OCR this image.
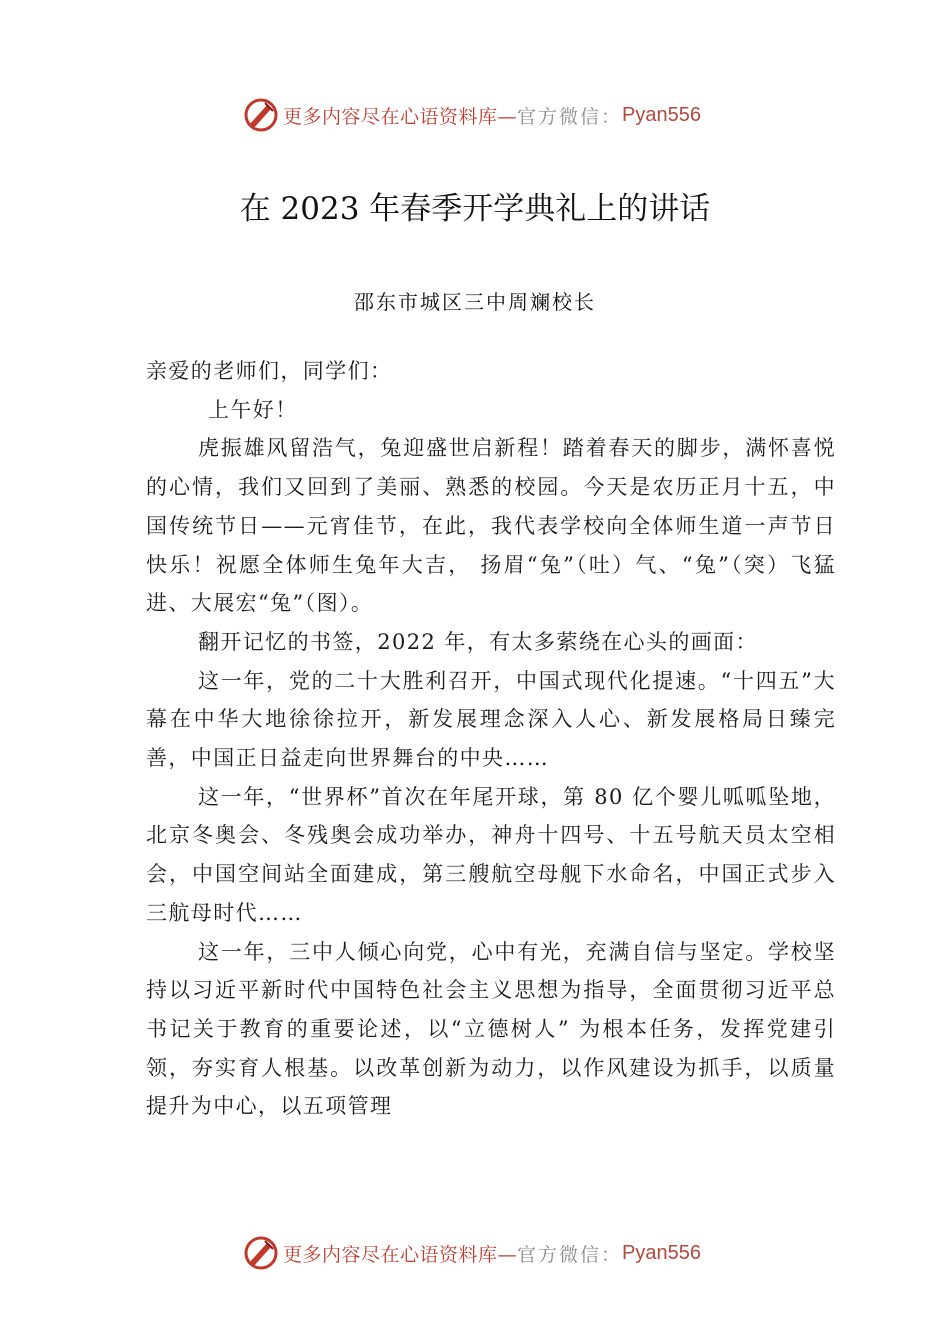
更多内容尽在心语资料库— 官方微信： Pyan556
在 2023 年春季开学典礼上的讲话
邵东市城区三中周斓校长

亲爱的老师们，同学们：

上午好！

虎振雄风留浩气，兔迎盛世启新程！踏着春天的脚步，满怀喜悦的心情，我们又回到了美丽、熟悉的校园。今天是农历正月十五，中国传统节日——元宵佳节，在此，我代表学校向全体师生道一声节日快乐！祝愿全体师生兔年大吉， 扬眉“兔”（吐）气、“兔”（突）飞猛进、大展宏“兔”（图）。

翻开记忆的书签，2022 年，有太多萦绕在心头的画面：

这一年，党的二十大胜利召开，中国式现代化提速。“十四五”大幕在中华大地徐徐拉开，新发展理念深入人心、新发展格局日臻完善，中国正日益走向世界舞台的中央……

这一年，“世界杯”首次在年尾开球，第 80 亿个婴儿呱呱坠地，北京冬奥会、冬残奥会成功举办，神舟十四号、十五号航天员太空相会，中国空间站全面建成，第三艘航空母舰下水命名，中国正式步入三航母时代……

这一年，三中人倾心向党，心中有光，充满自信与坚定。学校坚持以习近平新时代中国特色社会主义思想为指导，全面贯彻习近平总书记关于教育的重要论述，以“立德树人” 为根本任务，发挥党建引领，夯实育人根基。以改革创新为动力，以作风建设为抓手，以质量提升为中心，以五项管理

更多内容尽在心语资料库— 官方微信： Pyan556
